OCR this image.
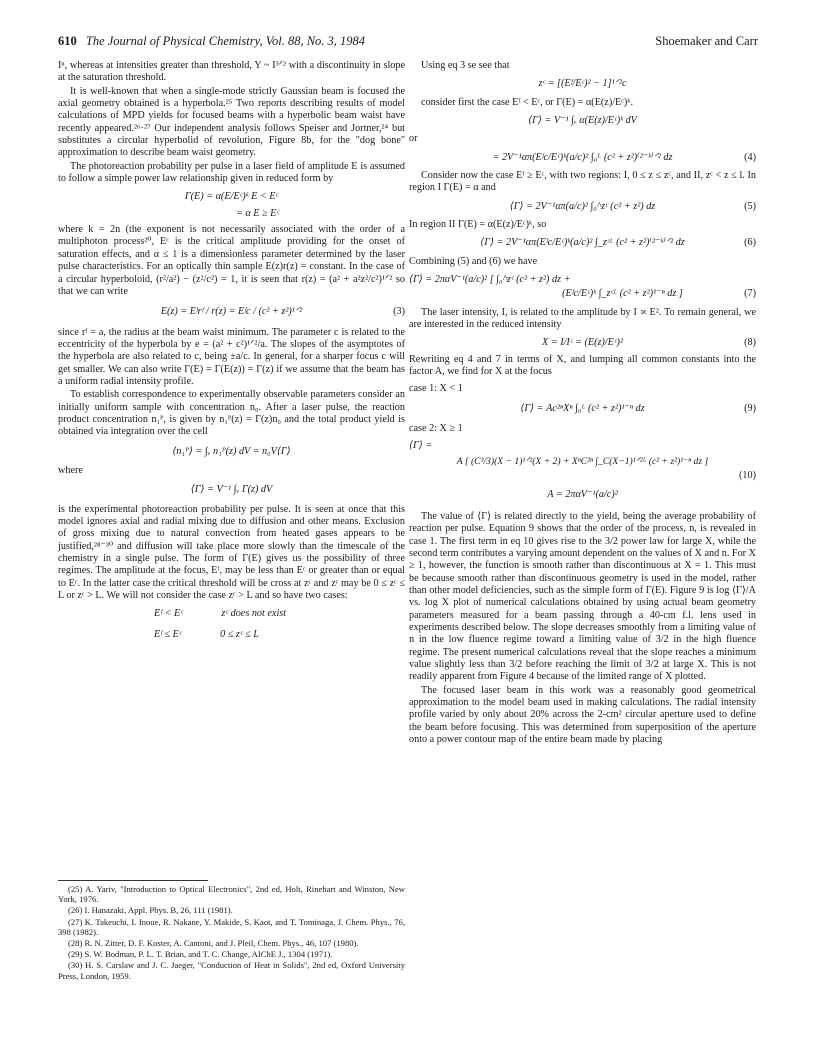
610 The Journal of Physical Chemistry, Vol. 88, No. 3, 1984	Shoemaker and Carr

Iⁿ, whereas at intensities greater than threshold, Y ~ I³ᐟ² with a discontinuity in slope at the saturation threshold.

It is well-known that when a single-mode strictly Gaussian beam is focused the axial geometry obtained is a hyperbola.²⁵ Two reports describing results of model calculations of MPD yields for focused beams with a hyperbolic beam waist have recently appeared.²⁶·²⁷ Our independent analysis follows Speiser and Jortner,²⁴ but substitutes a circular hyperbolid of revolution, Figure 8b, for the "dog bone" approximation to describe beam waist geometry.

The photoreaction probability per pulse in a laser field of amplitude E is assumed to follow a simple power law relationship given in reduced form by

Γ(E) = α(E/Eᶜ)ᵏ E < Eᶜ
= α E ≥ Eᶜ

where k = 2n (the exponent is not necessarily associated with the order of a multiphoton process²⁰, Eᶜ is the critical amplitude providing for the onset of saturation effects, and α ≤ 1 is a dimensionless parameter determined by the laser pulse characteristics. For an optically thin sample E(z)r(z) = constant. In the case of a circular hyperboloid, (r²/a²) − (z²/c²) = 1, it is seen that r(z) = (a² + a²z²/c²)¹ᐟ² so that we can write

E(z) = Eᶠrᶠ / r(z) = Eᶠc / (c² + z²)¹ᐟ²	(3)

since rᶠ = a, the radius at the beam waist minimum. The parameter c is related to the eccentricity of the hyperbola by e = (a² + c²)¹ᐟ²/a. The slopes of the asymptotes of the hyperbola are also related to c, being ±a/c. In general, for a sharper focus c will get smaller. We can also write Γ(E) = Γ(E(z)) = Γ(z) if we assume that the beam has a uniform radial intensity profile.

To establish correspondence to experimentally observable parameters consider an initially uniform sample with concentration n₀. After a laser pulse, the reaction product concentration n₁ᴾ, is given by n₁ᴾ(z) = Γ(z)n₀ and the total product yield is obtained via integration over the cell

⟨n₁ᴾ⟩ = ∫ᵥ n₁ᴾ(z) dV = n₀V⟨Γ⟩
where
⟨Γ⟩ = V⁻¹ ∫ᵥ Γ(z) dV

is the experimental photoreaction probability per pulse. It is seen at once that this model ignores axial and radial mixing due to diffusion and other means. Exclusion of gross mixing due to natural convection from heated gases appears to be justified,²⁸⁻³⁰ and diffusion will take place more slowly than the timescale of the chemistry in a single pulse. The form of Γ(E) gives us the possibility of three regimes. The amplitude at the focus, Eᶠ, may be less than Eᶜ or greater than or equal to Eᶜ. In the latter case the critical threshold will be cross at zᶜ and zᶜ may be 0 ≤ zᶜ ≤ L or zᶜ > L. We will not consider the case zᶜ > L and so have two cases:

Eᶠ < Eᶜ	zᶜ does not exist
Eᶠ ≤ Eᶜ	0 ≤ zᶜ ≤ L
(25) A. Yariv, "Introduction to Optical Electronics", 2nd ed, Holt, Rinehart and Winston, New York, 1976.
(26) I. Hanazaki, Appl. Phys. B, 26, 111 (1981).
(27) K. Takeuchi, I. Inoue, R. Nakane, Y. Makide, S. Kaot, and T. Tominaga, J. Chem. Phys., 76, 398 (1982).
(28) R. N. Zitter, D. F. Koster, A. Cantoni, and J. Pleil, Chem. Phys., 46, 107 (1980).
(29) S. W. Bodman, P. L. T. Brian, and T. C. Change, AIChE J., 1304 (1971).
(30) H. S. Carslaw and J. C. Jaeger, "Conduction of Heat in Solids", 2nd ed, Oxford University Press, London, 1959.

Using eq 3 se see that

zᶜ = [(Eᶠ/Eᶜ)² − 1]¹ᐟ²c

consider first the case Eᶠ < Eᶜ, or Γ(E) = α(E(z)/Eᶜ)ᵏ.

⟨Γ⟩ = V⁻¹ ∫ᵥ α(E(z)/Eᶜ)ᵏ dV
or
= 2V⁻¹απ(Eᶠc/Eᶜ)ᵏ(a/c)² ∫₀ᴸ (c² + z²)⁽²⁻ᵏ⁾ᐟ² dz	(4)

Consider now the case Eᶠ ≥ Eᶜ, with two regions: I, 0 ≤ z ≤ zᶜ, and II, zᶜ < z ≤ l. In region I Γ(E) = α and

⟨Γ⟩ = 2V⁻¹απ(a/c)² ∫₀^zᶜ (c² + z²) dz	(5)

In region II Γ(E) = α(E(z)/Eᶜ)ᵏ, so

⟨Γ⟩ = 2V⁻¹απ(Eᶠc/Eᶜ)ᵏ(a/c)² ∫_zᶜᴸ (c² + z²)⁽²⁻ᵏ⁾ᐟ² dz	(6)

Combining (5) and (6) we have

⟨Γ⟩ = 2παV⁻¹(a/c)² [ ∫₀^zᶜ (c² + z²) dz +
(Eᶠc/Eᶜ)ᵏ ∫_zᶜᴸ (c² + z²)¹⁻ⁿ dz ]	(7)

The laser intensity, I, is related to the amplitude by I ∝ E². To remain general, we are interested in the reduced intensity

X = I/Iᶜ = (E(z)/Eᶜ)²	(8)

Rewriting eq 4 and 7 in terms of X, and lumping all common constants into the factor A, we find for X at the focus

case 1: X < 1
⟨Γ⟩ = Ac²ⁿXⁿ ∫₀ᴸ (c² + z²)¹⁻ⁿ dz	(9)
case 2: X ≥ 1
⟨Γ⟩ =
A [ (C³/3)(X − 1)¹ᐟ²(X + 2) + XⁿC²ⁿ ∫_C(X−1)¹ᐟ²ᴸ (c² + z²)¹⁻ⁿ dz ]
(10)
A = 2παV⁻¹(a/c)²

The value of ⟨Γ⟩ is related directly to the yield, being the average probability of reaction per pulse. Equation 9 shows that the order of the process, n, is revealed in case 1. The first term in eq 10 gives rise to the 3/2 power law for large X, while the second term contributes a varying amount dependent on the values of X and n. For X ≥ 1, however, the function is smooth rather than discontinuous at X = 1. This must be because smooth rather than discontinuous geometry is used in the model, rather than other model deficiencies, such as the simple form of Γ(E). Figure 9 is log ⟨Γ⟩/A vs. log X plot of numerical calculations obtained by using actual beam geometry parameters measured for a beam passing through a 40-cm f.l. lens used in experiments described below. The slope decreases smoothly from a limiting value of n in the low fluence regime toward a limiting value of 3/2 in the high fluence regime. The present numerical calculations reveal that the slope reaches a minimum value slightly less than 3/2 before reaching the limit of 3/2 at large X. This is not readily apparent from Figure 4 because of the limited range of X plotted.

The focused laser beam in this work was a reasonably good geometrical approximation to the model beam used in making calculations. The radial intensity profile varied by only about 20% across the 2-cm² circular aperture used to define the beam before focusing. This was determined from superposition of the aperture onto a power contour map of the entire beam made by placing
